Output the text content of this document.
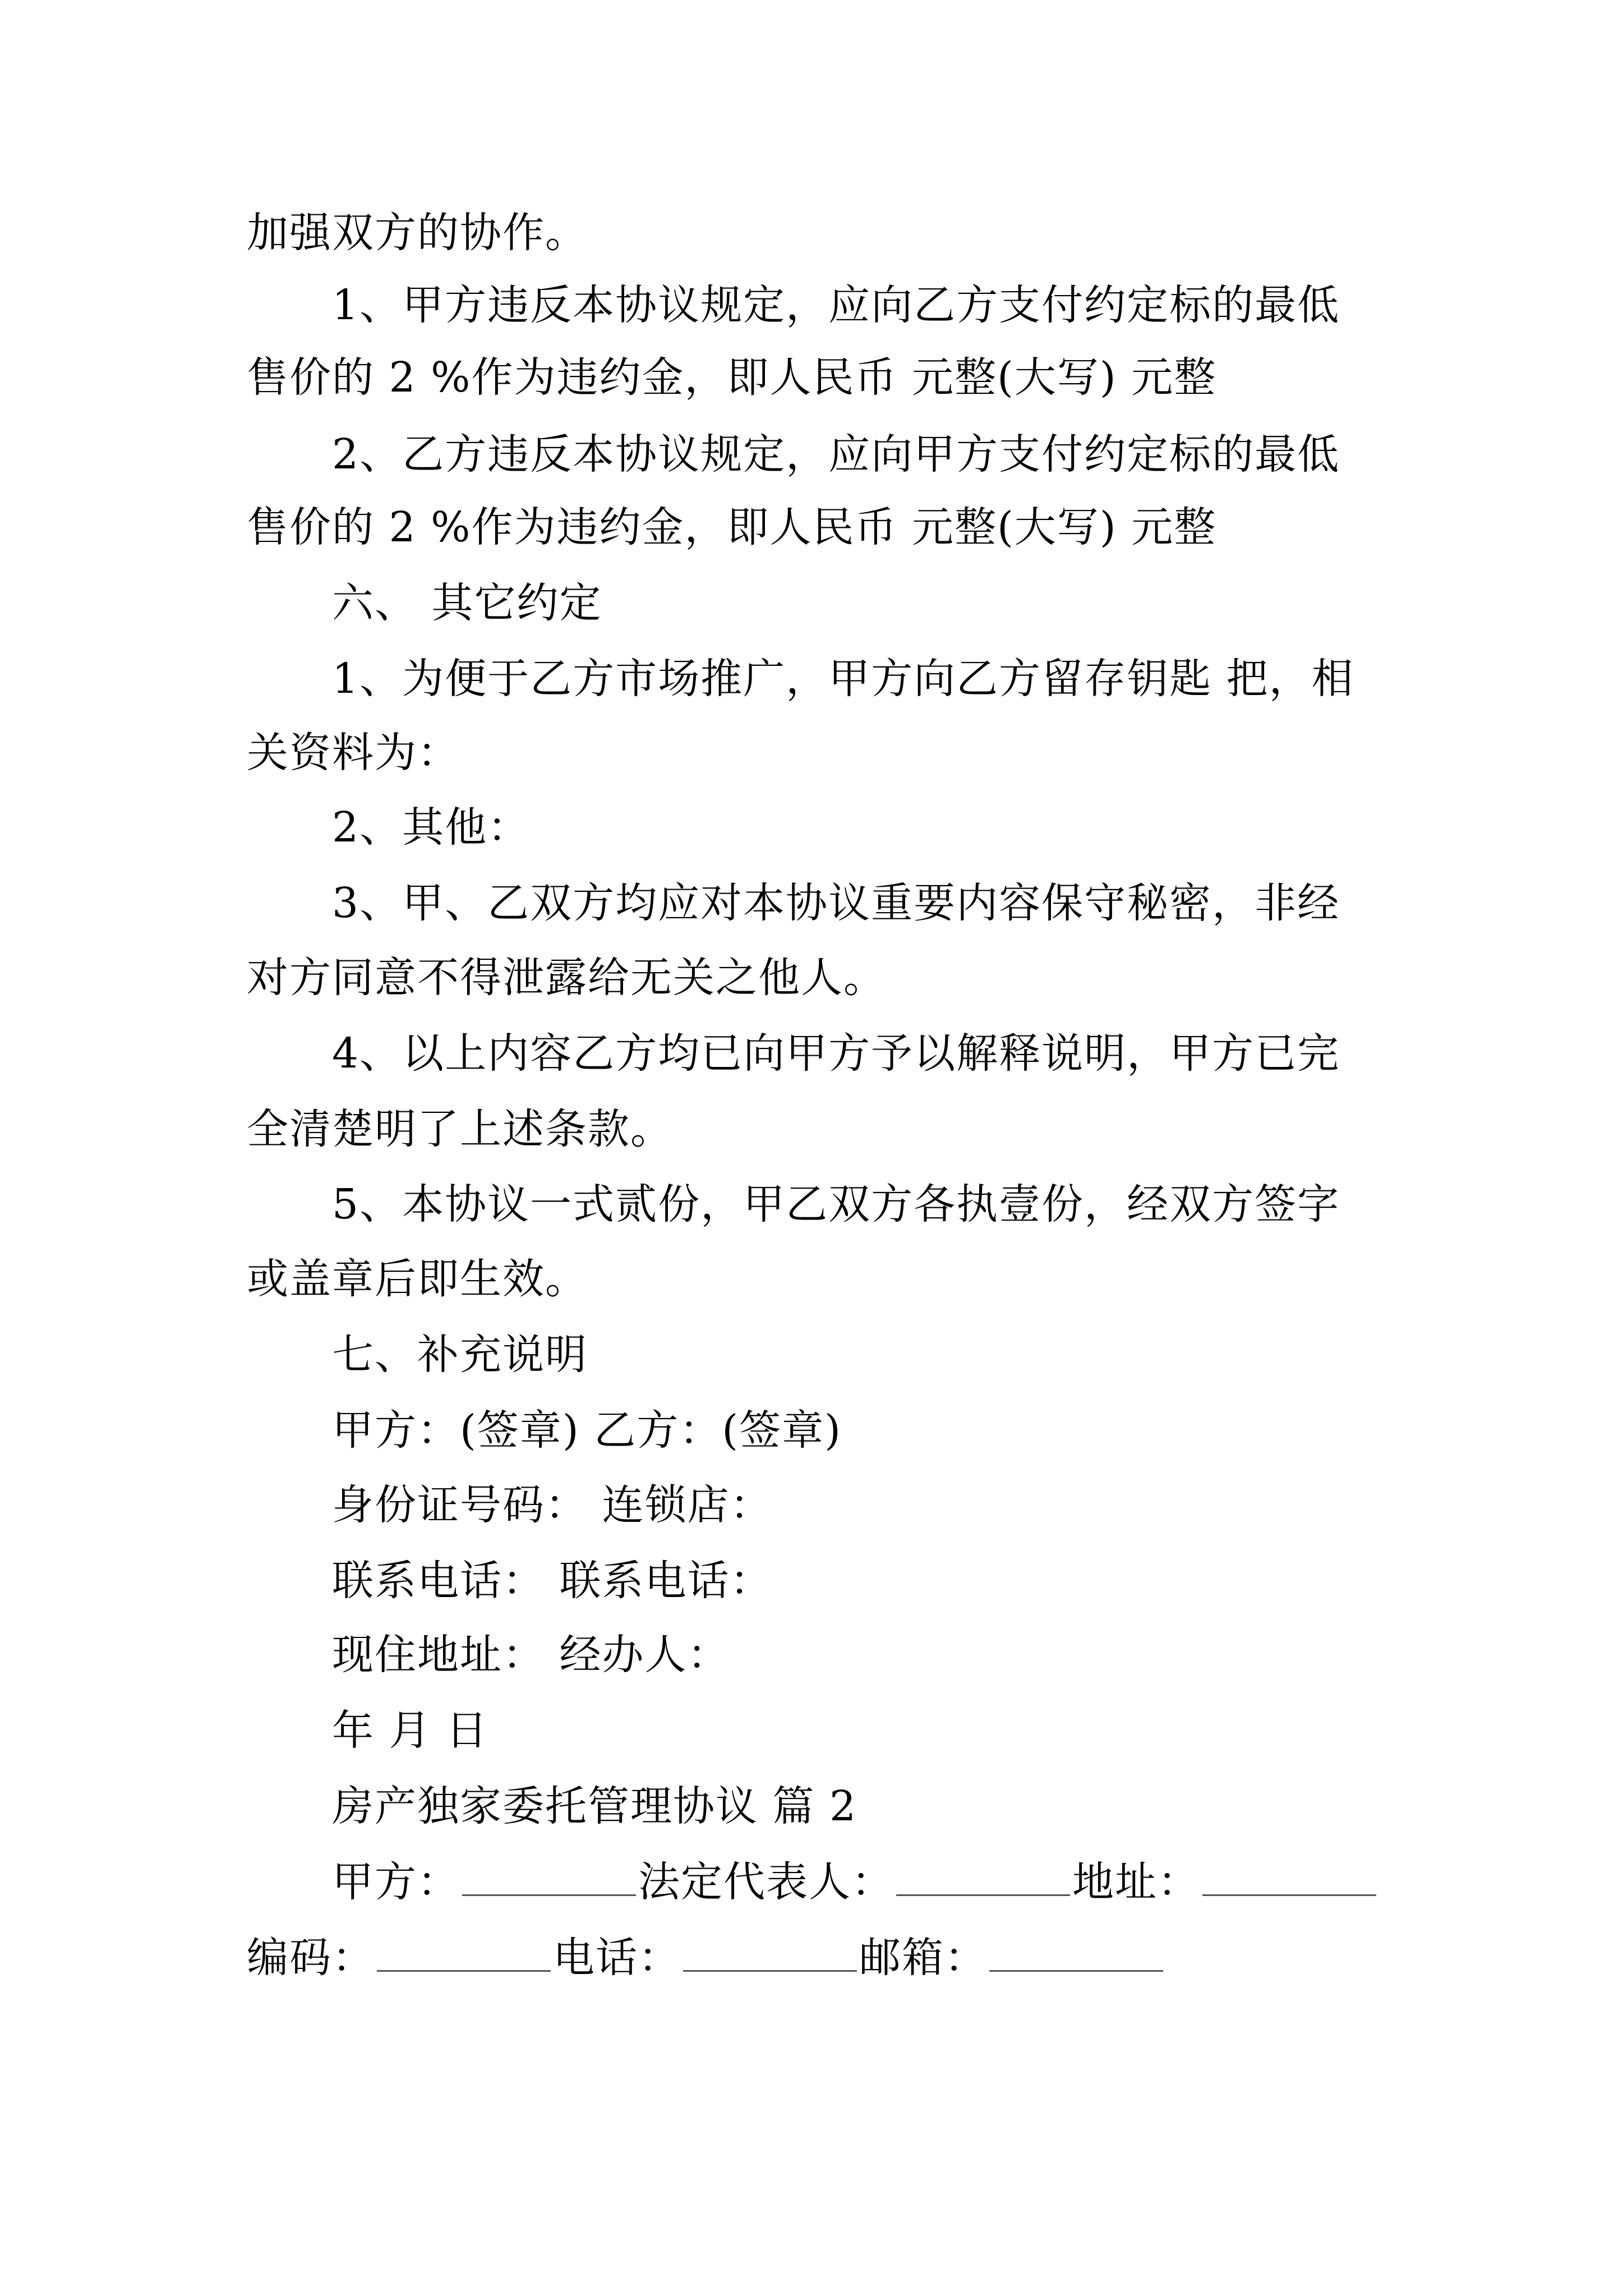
加强双方的协作。
1、甲方违反本协议规定，应向乙方支付约定标的最低
售价的 2 %作为违约金，即人民币 元整(大写) 元整
2、乙方违反本协议规定，应向甲方支付约定标的最低
售价的 2 %作为违约金，即人民币 元整(大写) 元整
六、 其它约定
1、为便于乙方市场推广，甲方向乙方留存钥匙 把，相
关资料为：
2、其他：
3、甲、乙双方均应对本协议重要内容保守秘密，非经
对方同意不得泄露给无关之他人。
4、以上内容乙方均已向甲方予以解释说明，甲方已完
全清楚明了上述条款。
5、本协议一式贰份，甲乙双方各执壹份，经双方签字
或盖章后即生效。
七、补充说明
甲方：(签章) 乙方：(签章)
身份证号码： 连锁店：
联系电话： 联系电话：
现住地址： 经办人：
年 月 日
房产独家委托管理协议 篇 2
甲方：	法定代表人：	地址：
编码：	电话：	邮箱：
